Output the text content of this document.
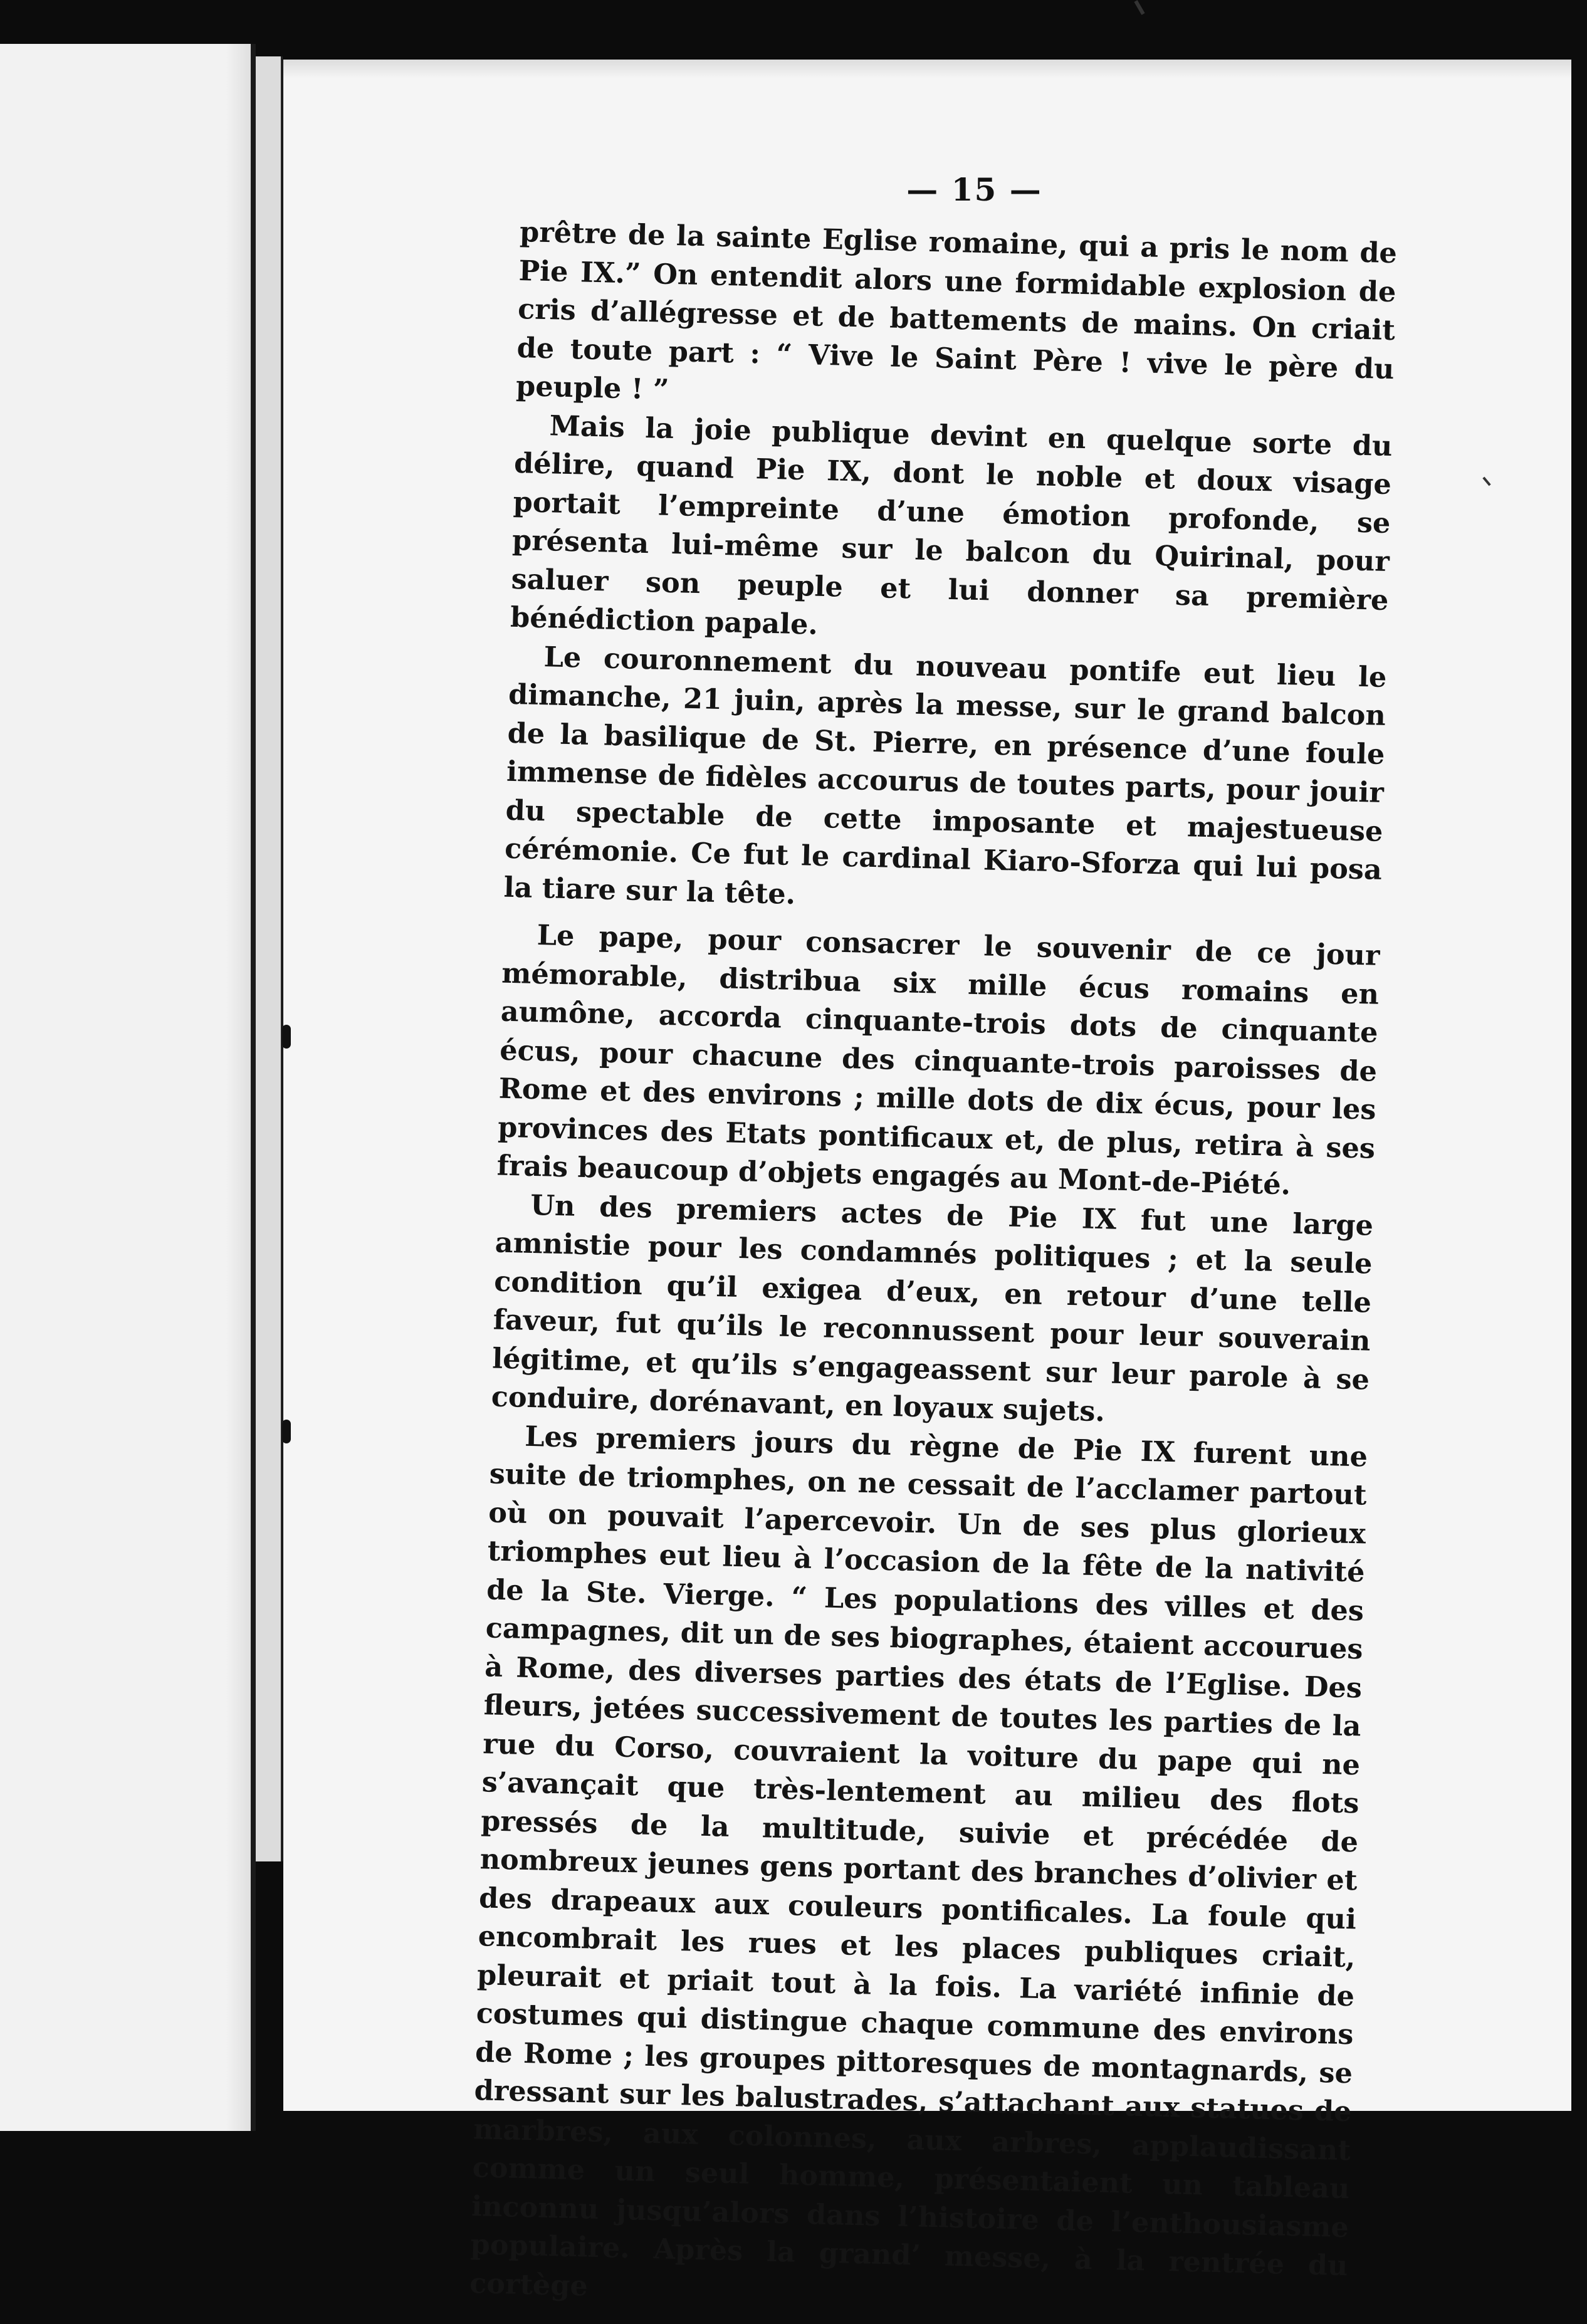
— 15 —

prêtre de la sainte Eglise romaine, qui a pris le nom de Pie IX.” On entendit alors une formidable explosion de cris d’allégresse et de battements de mains. On criait de toute part : “ Vive le Saint Père ! vive le père du peuple ! ”

Mais la joie publique devint en quelque sorte du délire, quand Pie IX, dont le noble et doux visage portait l’empreinte d’une émotion profonde, se présenta lui-même sur le balcon du Quirinal, pour saluer son peuple et lui donner sa première bénédiction papale.

Le couronnement du nouveau pontife eut lieu le dimanche, 21 juin, après la messe, sur le grand balcon de la basilique de St. Pierre, en présence d’une foule immense de fidèles accourus de toutes parts, pour jouir du spectable de cette imposante et majestueuse cérémonie. Ce fut le cardinal Kiaro-Sforza qui lui posa la tiare sur la tête.

Le pape, pour consacrer le souvenir de ce jour mémorable, distribua six mille écus romains en aumône, accorda cinquante-trois dots de cinquante écus, pour chacune des cinquante-trois paroisses de Rome et des environs ; mille dots de dix écus, pour les provinces des Etats pontificaux et, de plus, retira à ses frais beaucoup d’objets engagés au Mont-de-Piété.

Un des premiers actes de Pie IX fut une large amnistie pour les condamnés politiques ; et la seule condition qu’il exigea d’eux, en retour d’une telle faveur, fut qu’ils le reconnussent pour leur souverain légitime, et qu’ils s’engageassent sur leur parole à se conduire, dorénavant, en loyaux sujets.

Les premiers jours du règne de Pie IX furent une suite de triomphes, on ne cessait de l’acclamer partout où on pouvait l’apercevoir. Un de ses plus glorieux triomphes eut lieu à l’occasion de la fête de la nativité de la Ste. Vierge. “ Les populations des villes et des campagnes, dit un de ses biographes, étaient accourues à Rome, des diverses parties des états de l’Eglise. Des fleurs, jetées successivement de toutes les parties de la rue du Corso, couvraient la voiture du pape qui ne s’avançait que très-lentement au milieu des flots pressés de la multitude, suivie et précédée de nombreux jeunes gens portant des branches d’olivier et des drapeaux aux couleurs pontificales. La foule qui encombrait les rues et les places publiques criait, pleurait et priait tout à la fois. La variété infinie de costumes qui distingue chaque commune des environs de Rome ; les groupes pittoresques de montagnards, se dressant sur les balustrades, s’attachant aux statues de marbres, aux colonnes, aux arbres, applaudissant comme un seul homme, présentaient un tableau inconnu jusqu’alors dans l’histoire de l’enthousiasme populaire. Après la grand’ messe, à la rentrée du cortège
